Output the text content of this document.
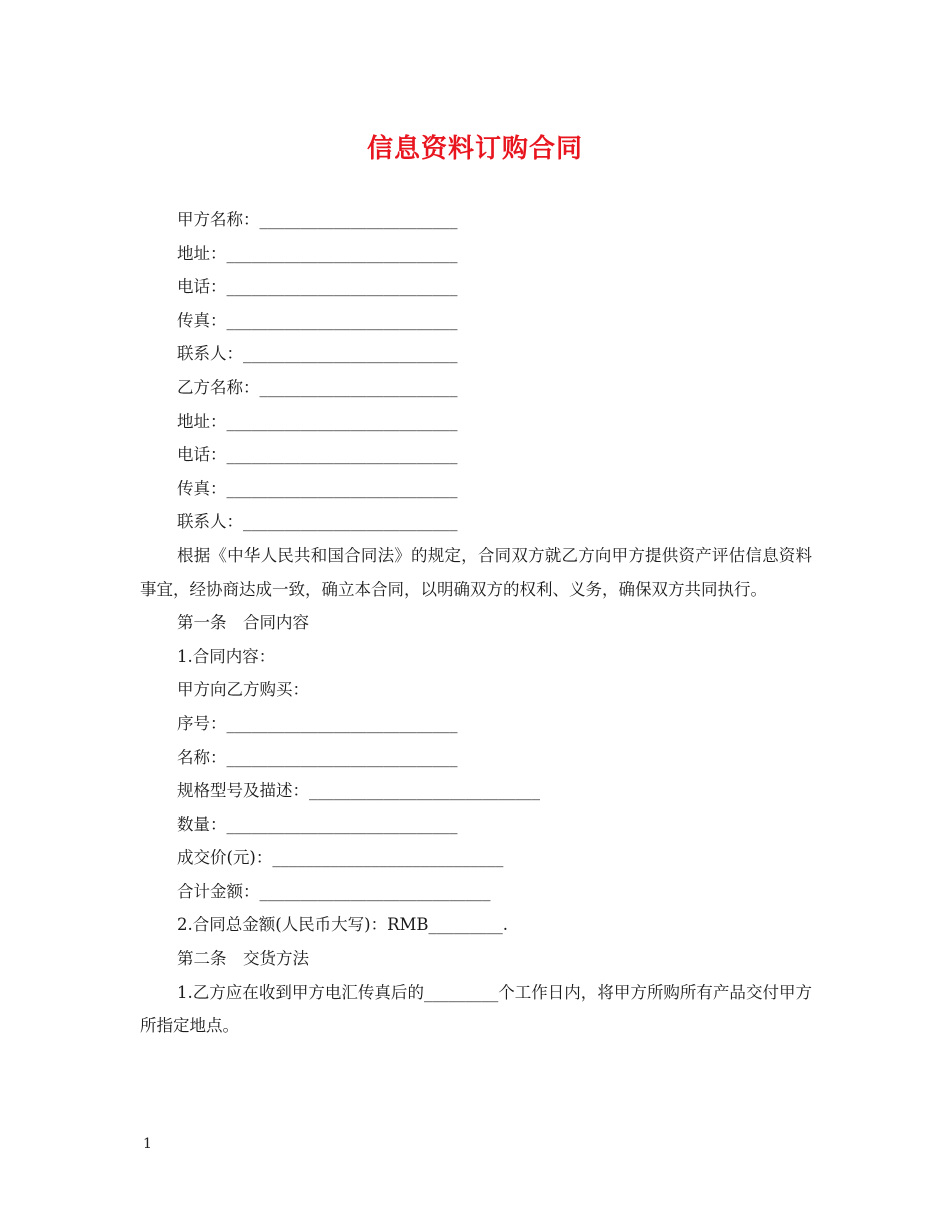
信息资料订购合同
甲方名称：________________________
地址：____________________________
电话：____________________________
传真：____________________________
联系人：__________________________
乙方名称：________________________
地址：____________________________
电话：____________________________
传真：____________________________
联系人：__________________________
根据《中华人民共和国合同法》的规定，合同双方就乙方向甲方提供资产评估信息资料事宜，经协商达成一致，确立本合同，以明确双方的权利、义务，确保双方共同执行。
第一条　合同内容
1.合同内容：
甲方向乙方购买：
序号：____________________________
名称：____________________________
规格型号及描述：____________________________
数量：____________________________
成交价(元)：____________________________
合计金额：____________________________
2.合同总金额(人民币大写)：RMB_________.
第二条　交货方法
1.乙方应在收到甲方电汇传真后的_________个工作日内，将甲方所购所有产品交付甲方所指定地点。
1
